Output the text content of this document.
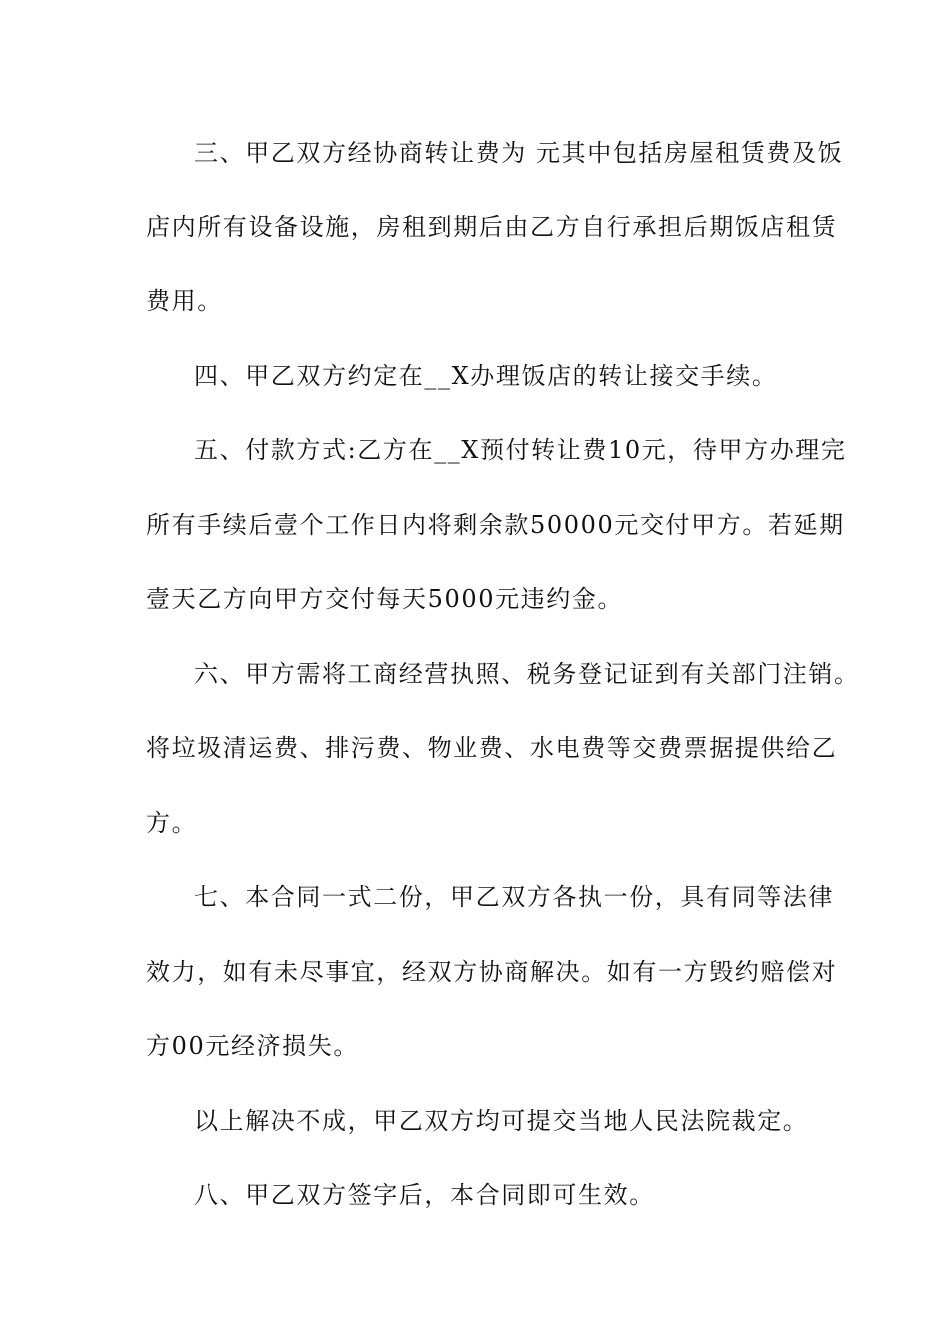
三、甲乙双方经协商转让费为 元其中包括房屋租赁费及饭
店内所有设备设施，房租到期后由乙方自行承担后期饭店租赁
费用。
四、甲乙双方约定在__X办理饭店的转让接交手续。
五、付款方式:乙方在__X预付转让费10元，待甲方办理完
所有手续后壹个工作日内将剩余款50000元交付甲方。若延期
壹天乙方向甲方交付每天5000元违约金。
六、甲方需将工商经营执照、税务登记证到有关部门注销。
将垃圾清运费、排污费、物业费、水电费等交费票据提供给乙
方。
七、本合同一式二份，甲乙双方各执一份，具有同等法律
效力，如有未尽事宜，经双方协商解决。如有一方毁约赔偿对
方00元经济损失。
以上解决不成，甲乙双方均可提交当地人民法院裁定。
八、甲乙双方签字后，本合同即可生效。
